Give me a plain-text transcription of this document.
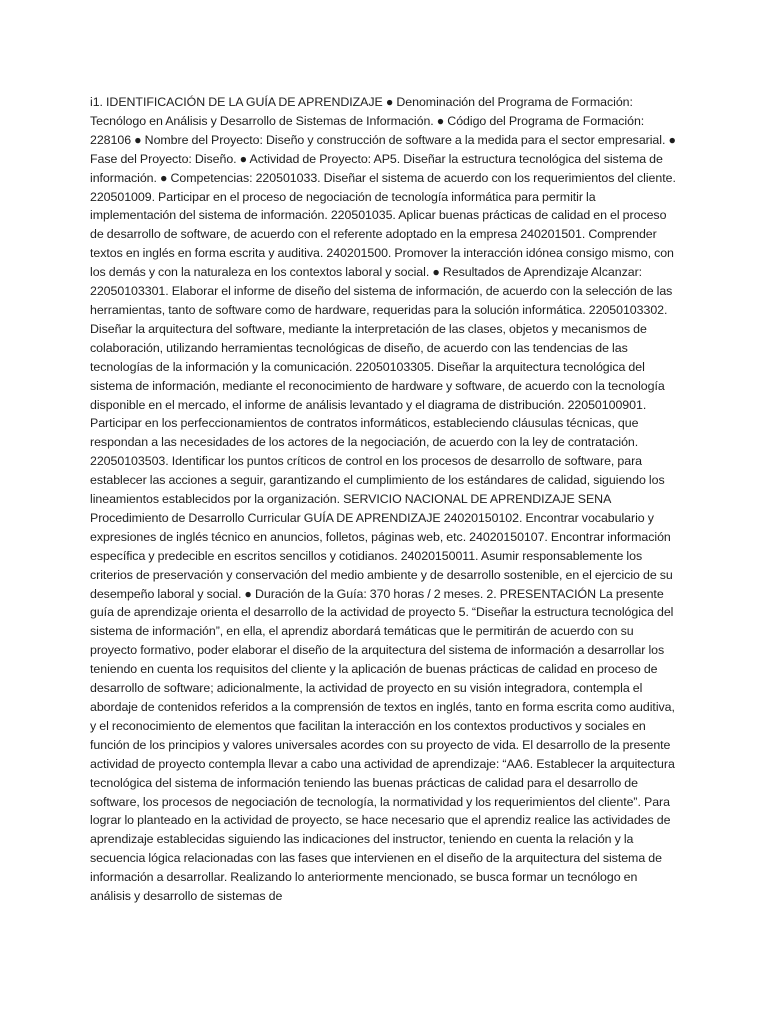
i1. IDENTIFICACIÓN DE LA GUÍA DE APRENDIZAJE ● Denominación del Programa de Formación: Tecnólogo en Análisis y Desarrollo de Sistemas de Información. ● Código del Programa de Formación: 228106 ● Nombre del Proyecto: Diseño y construcción de software a la medida para el sector empresarial. ● Fase del Proyecto: Diseño. ● Actividad de Proyecto: AP5. Diseñar la estructura tecnológica del sistema de información. ● Competencias: 220501033. Diseñar el sistema de acuerdo con los requerimientos del cliente. 220501009. Participar en el proceso de negociación de tecnología informática para permitir la implementación del sistema de información. 220501035. Aplicar buenas prácticas de calidad en el proceso de desarrollo de software, de acuerdo con el referente adoptado en la empresa 240201501. Comprender textos en inglés en forma escrita y auditiva. 240201500. Promover la interacción idónea consigo mismo, con los demás y con la naturaleza en los contextos laboral y social. ● Resultados de Aprendizaje Alcanzar: 22050103301. Elaborar el informe de diseño del sistema de información, de acuerdo con la selección de las herramientas, tanto de software como de hardware, requeridas para la solución informática. 22050103302. Diseñar la arquitectura del software, mediante la interpretación de las clases, objetos y mecanismos de colaboración, utilizando herramientas tecnológicas de diseño, de acuerdo con las tendencias de las tecnologías de la información y la comunicación. 22050103305. Diseñar la arquitectura tecnológica del sistema de información, mediante el reconocimiento de hardware y software, de acuerdo con la tecnología disponible en el mercado, el informe de análisis levantado y el diagrama de distribución. 22050100901. Participar en los perfeccionamientos de contratos informáticos, estableciendo cláusulas técnicas, que respondan a las necesidades de los actores de la negociación, de acuerdo con la ley de contratación. 22050103503. Identificar los puntos críticos de control en los procesos de desarrollo de software, para establecer las acciones a seguir, garantizando el cumplimiento de los estándares de calidad, siguiendo los lineamientos establecidos por la organización. SERVICIO NACIONAL DE APRENDIZAJE SENA Procedimiento de Desarrollo Curricular GUÍA DE APRENDIZAJE 24020150102. Encontrar vocabulario y expresiones de inglés técnico en anuncios, folletos, páginas web, etc. 24020150107. Encontrar información específica y predecible en escritos sencillos y cotidianos. 24020150011. Asumir responsablemente los criterios de preservación y conservación del medio ambiente y de desarrollo sostenible, en el ejercicio de su desempeño laboral y social. ● Duración de la Guía: 370 horas / 2 meses. 2. PRESENTACIÓN La presente guía de aprendizaje orienta el desarrollo de la actividad de proyecto 5. “Diseñar la estructura tecnológica del sistema de información”, en ella, el aprendiz abordará temáticas que le permitirán de acuerdo con su proyecto formativo, poder elaborar el diseño de la arquitectura del sistema de información a desarrollar los teniendo en cuenta los requisitos del cliente y la aplicación de buenas prácticas de calidad en proceso de desarrollo de software; adicionalmente, la actividad de proyecto en su visión integradora, contempla el abordaje de contenidos referidos a la comprensión de textos en inglés, tanto en forma escrita como auditiva, y el reconocimiento de elementos que facilitan la interacción en los contextos productivos y sociales en función de los principios y valores universales acordes con su proyecto de vida. El desarrollo de la presente actividad de proyecto contempla llevar a cabo una actividad de aprendizaje: “AA6. Establecer la arquitectura tecnológica del sistema de información teniendo las buenas prácticas de calidad para el desarrollo de software, los procesos de negociación de tecnología, la normatividad y los requerimientos del cliente”. Para lograr lo planteado en la actividad de proyecto, se hace necesario que el aprendiz realice las actividades de aprendizaje establecidas siguiendo las indicaciones del instructor, teniendo en cuenta la relación y la secuencia lógica relacionadas con las fases que intervienen en el diseño de la arquitectura del sistema de información a desarrollar. Realizando lo anteriormente mencionado, se busca formar un tecnólogo en análisis y desarrollo de sistemas de
